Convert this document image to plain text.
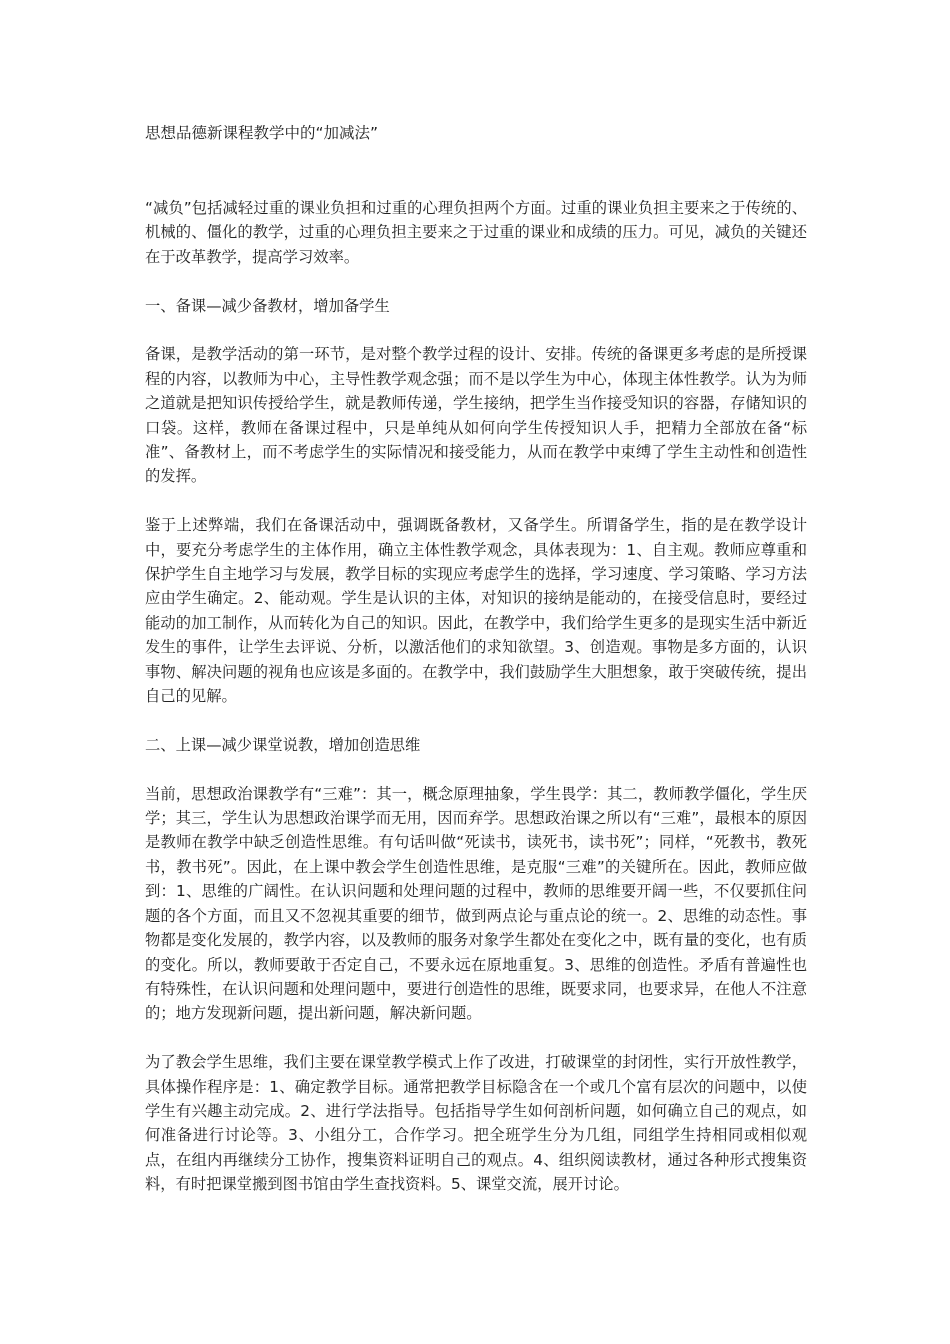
思想品德新课程教学中的“加减法”

“减负”包括减轻过重的课业负担和过重的心理负担两个方面。过重的课业负担主要来之于传统的、机械的、僵化的教学，过重的心理负担主要来之于过重的课业和成绩的压力。可见，减负的关键还在于改革教学，提高学习效率。

一、备课—减少备教材，增加备学生

备课，是教学活动的第一环节，是对整个教学过程的设计、安排。传统的备课更多考虑的是所授课程的内容，以教师为中心，主导性教学观念强；而不是以学生为中心，体现主体性教学。认为为师之道就是把知识传授给学生，就是教师传递，学生接纳，把学生当作接受知识的容器，存储知识的口袋。这样，教师在备课过程中，只是单纯从如何向学生传授知识人手，把精力全部放在备“标准”、备教材上，而不考虑学生的实际情况和接受能力，从而在教学中束缚了学生主动性和创造性的发挥。

鉴于上述弊端，我们在备课活动中，强调既备教材，又备学生。所谓备学生，指的是在教学设计中，要充分考虑学生的主体作用，确立主体性教学观念，具体表现为：1、自主观。教师应尊重和保护学生自主地学习与发展，教学目标的实现应考虑学生的选择，学习速度、学习策略、学习方法应由学生确定。2、能动观。学生是认识的主体，对知识的接纳是能动的，在接受信息时，要经过能动的加工制作，从而转化为自己的知识。因此，在教学中，我们给学生更多的是现实生活中新近发生的事件，让学生去评说、分析，以激活他们的求知欲望。3、创造观。事物是多方面的，认识事物、解决问题的视角也应该是多面的。在教学中，我们鼓励学生大胆想象，敢于突破传统，提出自己的见解。

二、上课—减少课堂说教，增加创造思维

当前，思想政治课教学有“三难”：其一，概念原理抽象，学生畏学：其二，教师教学僵化，学生厌学；其三，学生认为思想政治课学而无用，因而弃学。思想政治课之所以有“三难”，最根本的原因是教师在教学中缺乏创造性思维。有句话叫做“死读书，读死书，读书死”；同样，“死教书，教死书，教书死”。因此，在上课中教会学生创造性思维，是克服“三难”的关键所在。因此，教师应做到：1、思维的广阔性。在认识问题和处理问题的过程中，教师的思维要开阔一些，不仅要抓住问题的各个方面，而且又不忽视其重要的细节，做到两点论与重点论的统一。2、思维的动态性。事物都是变化发展的，教学内容，以及教师的服务对象学生都处在变化之中，既有量的变化，也有质的变化。所以，教师要敢于否定自己，不要永远在原地重复。3、思维的创造性。矛盾有普遍性也有特殊性，在认识问题和处理问题中，要进行创造性的思维，既要求同，也要求异，在他人不注意的；地方发现新问题，提出新问题，解决新问题。

为了教会学生思维，我们主要在课堂教学模式上作了改进，打破课堂的封闭性，实行开放性教学，具体操作程序是：1、确定教学目标。通常把教学目标隐含在一个或几个富有层次的问题中，以使学生有兴趣主动完成。2、进行学法指导。包括指导学生如何剖析问题，如何确立自己的观点，如何准备进行讨论等。3、小组分工，合作学习。把全班学生分为几组，同组学生持相同或相似观点，在组内再继续分工协作，搜集资料证明自己的观点。4、组织阅读教材，通过各种形式搜集资料，有时把课堂搬到图书馆由学生查找资料。5、课堂交流，展开讨论。
